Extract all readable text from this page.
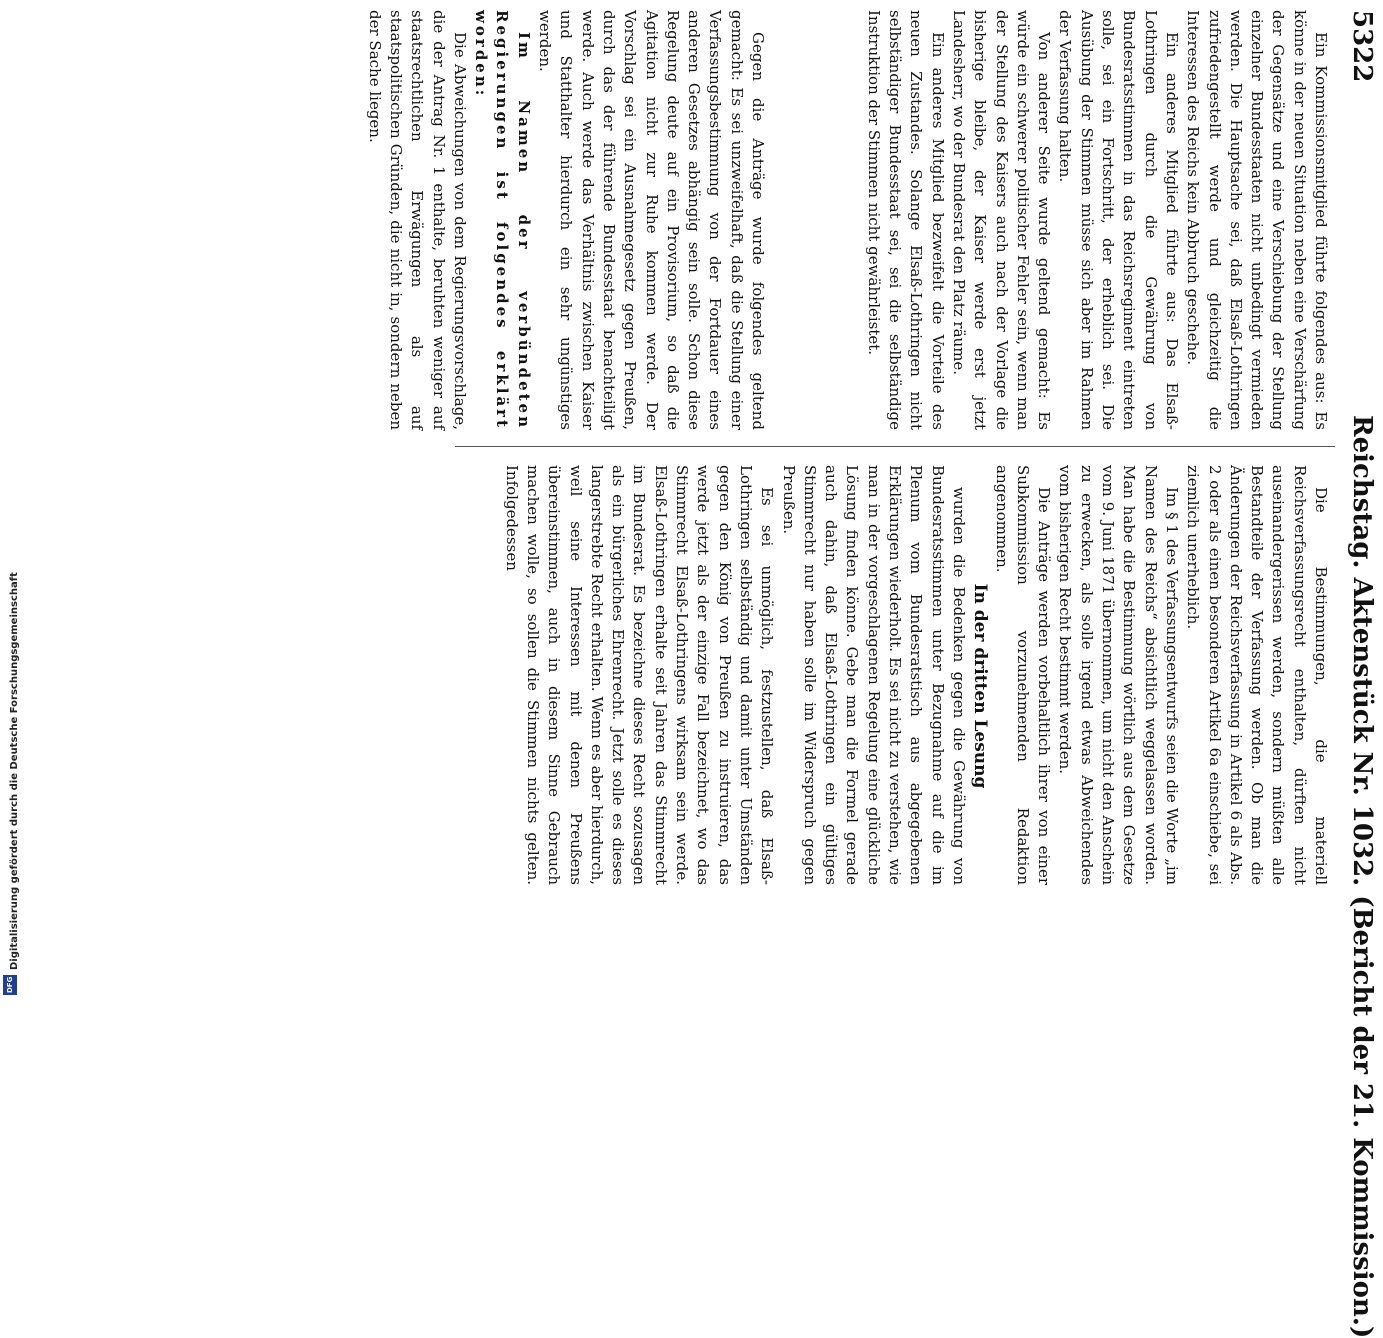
Digitalisierung gefördert durch die Deutsche Forschungsgemeinschaft
DFG
5322
Reichstag. Aktenstück Nr. 1032. (Bericht der 21. Kommission.)

Ein Kommissionsmitglied führte folgendes aus: Es könne in der neuen Situation neben eine Verschärfung der Gegensätze und eine Verschiebung der Stellung einzelner Bundesstaaten nicht unbedingt vermieden werden. Die Hauptsache sei, daß Elsaß-Lothringen zufriedengestellt werde und gleichzeitig die Interessen des Reichs kein Abbruch geschehe.

Ein anderes Mitglied führte aus: Das Elsaß-Lothringen durch die Gewährung von Bundesratsstimmen in das Reichsregiment eintreten solle, sei ein Fortschritt, der erheblich sei. Die Ausübung der Stimmen müsse sich aber im Rahmen der Verfassung halten.

Von anderer Seite wurde geltend gemacht: Es würde ein schwerer politischer Fehler sein, wenn man der Stellung des Kaisers auch nach der Vorlage die bisherige bleibe, der Kaiser werde erst jetzt Landesherr, wo der Bundesrat den Platz räume.

Ein anderes Mitglied bezweifelt die Vorteile des neuen Zustandes. Solange Elsaß-Lothringen nicht selbständiger Bundesstaat sei, sei die selbständige Instruktion der Stimmen nicht gewährleistet.

Gegen die Anträge wurde folgendes geltend gemacht: Es sei unzweifelhaft, daß die Stellung einer Verfassungsbestimmung von der Fortdauer eines anderen Gesetzes abhängig sein solle. Schon diese Regelung deute auf ein Provisorium, so daß die Agitation nicht zur Ruhe kommen werde. Der Vorschlag sei ein Ausnahmegesetz gegen Preußen, durch das der führende Bundesstaat benachteiligt werde. Auch werde das Verhältnis zwischen Kaiser und Statthalter hierdurch ein sehr ungünstiges werden.

Im Namen der verbündeten Regierungen ist folgendes erklärt worden:

Die Abweichungen von dem Regierungsvorschlage, die der Antrag Nr. 1 enthalte, beruhten weniger auf staatsrechtlichen Erwägungen als auf staatspolitischen Gründen, die nicht in, sondern neben der Sache liegen.

Die Bestimmungen, die materiell Reichsverfassungsrecht enthalten, dürften nicht auseinandergerissen werden, sondern müßten alle Bestandteile der Verfassung werden. Ob man die Änderungen der Reichsverfassung in Artikel 6 als Abs. 2 oder als einen besonderen Artikel 6a einschiebe, sei ziemlich unerheblich.

Im § 1 des Verfassungsentwurfs seien die Worte „im Namen des Reichs“ absichtlich weggelassen worden. Man habe die Bestimmung wörtlich aus dem Gesetze vom 9. Juni 1871 übernommen, um nicht den Anschein zu erwecken, als solle irgend etwas Abweichendes vom bisherigen Recht bestimmt werden.

Die Anträge werden vorbehaltlich ihrer von einer Subkommission vorzunehmenden Redaktion angenommen.

In der dritten Lesung

wurden die Bedenken gegen die Gewährung von Bundesratsstimmen unter Bezugnahme auf die im Plenum vom Bundesratstisch aus abgegebenen Erklärungen wiederholt. Es sei nicht zu verstehen, wie man in der vorgeschlagenen Regelung eine glückliche Lösung finden könne. Gebe man die Formel gerade auch dahin, daß Elsaß-Lothringen ein gültiges Stimmrecht nur haben solle im Widerspruch gegen Preußen.

Es sei unmöglich, festzustellen, daß Elsaß-Lothringen selbständig und damit unter Umständen gegen den König von Preußen zu instruieren, das werde jetzt als der einzige Fall bezeichnet, wo das Stimmrecht Elsaß-Lothringens wirksam sein werde. Elsaß-Lothringen erhalte seit Jahren das Stimmrecht im Bundesrat. Es bezeichne dieses Recht sozusagen als ein bürgerliches Ehrenrecht. Jetzt solle es dieses langerstrebte Recht erhalten. Wenn es aber hierdurch, weil seine Interessen mit denen Preußens übereinstimmen, auch in diesem Sinne Gebrauch machen wolle, so sollen die Stimmen nichts gelten. Infolgedessen
